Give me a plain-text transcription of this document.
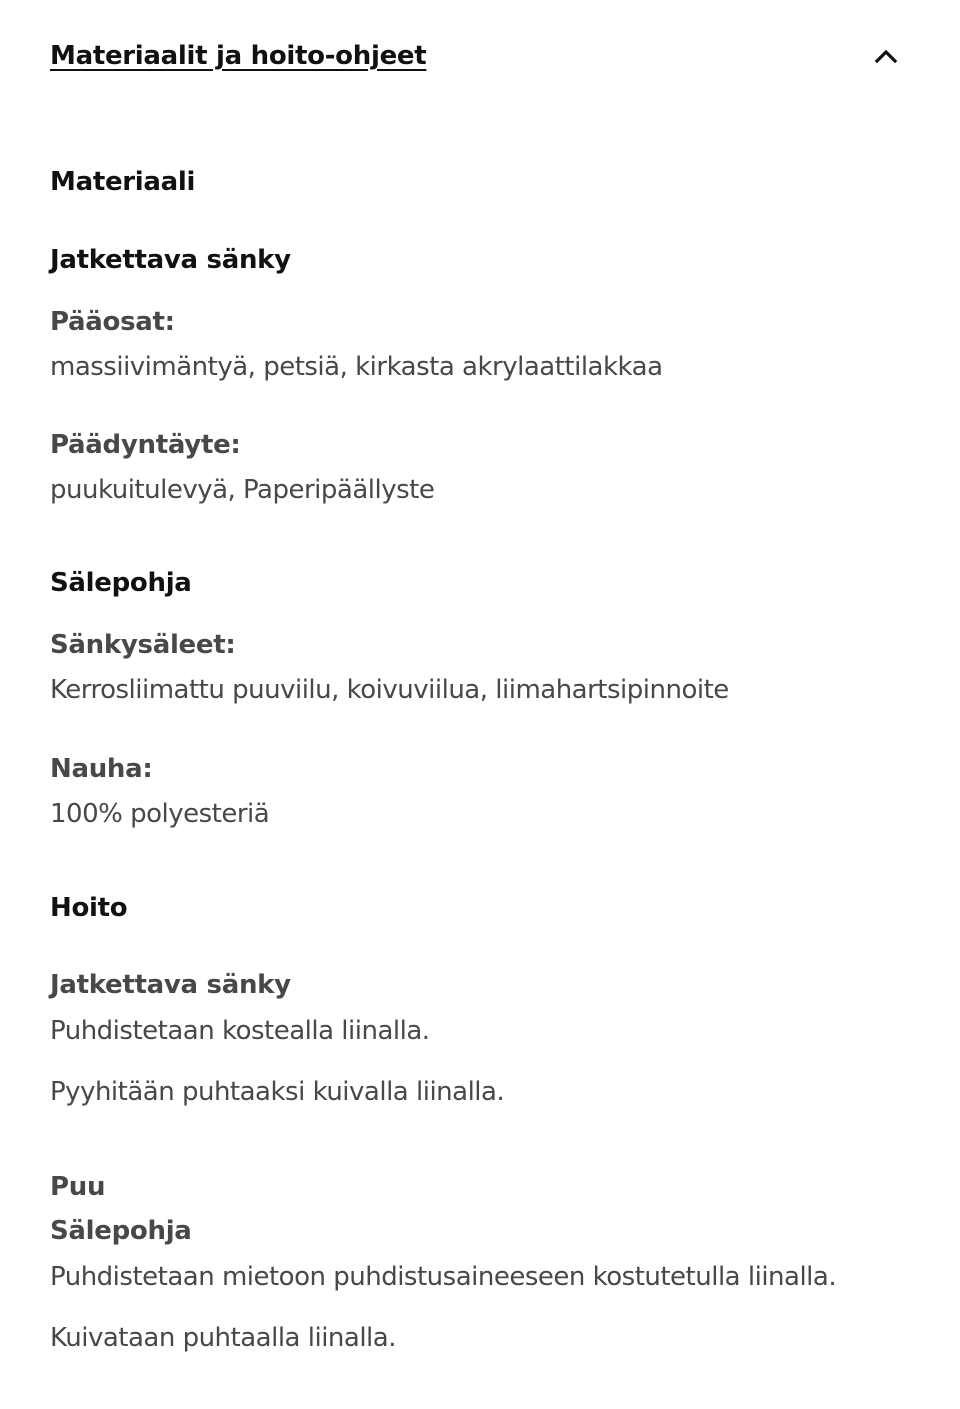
Materiaalit ja hoito-ohjeet
Materiaali
Jatkettava sänky
Pääosat:
massiivimäntyä, petsiä, kirkasta akrylaattilakkaa
Päädyntäyte:
puukuitulevyä, Paperipäällyste
Sälepohja
Sänkysäleet:
Kerrosliimattu puuviilu, koivuviilua, liimahartsipinnoite
Nauha:
100% polyesteriä
Hoito
Jatkettava sänky
Puhdistetaan kostealla liinalla.
Pyyhitään puhtaaksi kuivalla liinalla.
Puu
Sälepohja
Puhdistetaan mietoon puhdistusaineeseen kostutetulla liinalla.
Kuivataan puhtaalla liinalla.
